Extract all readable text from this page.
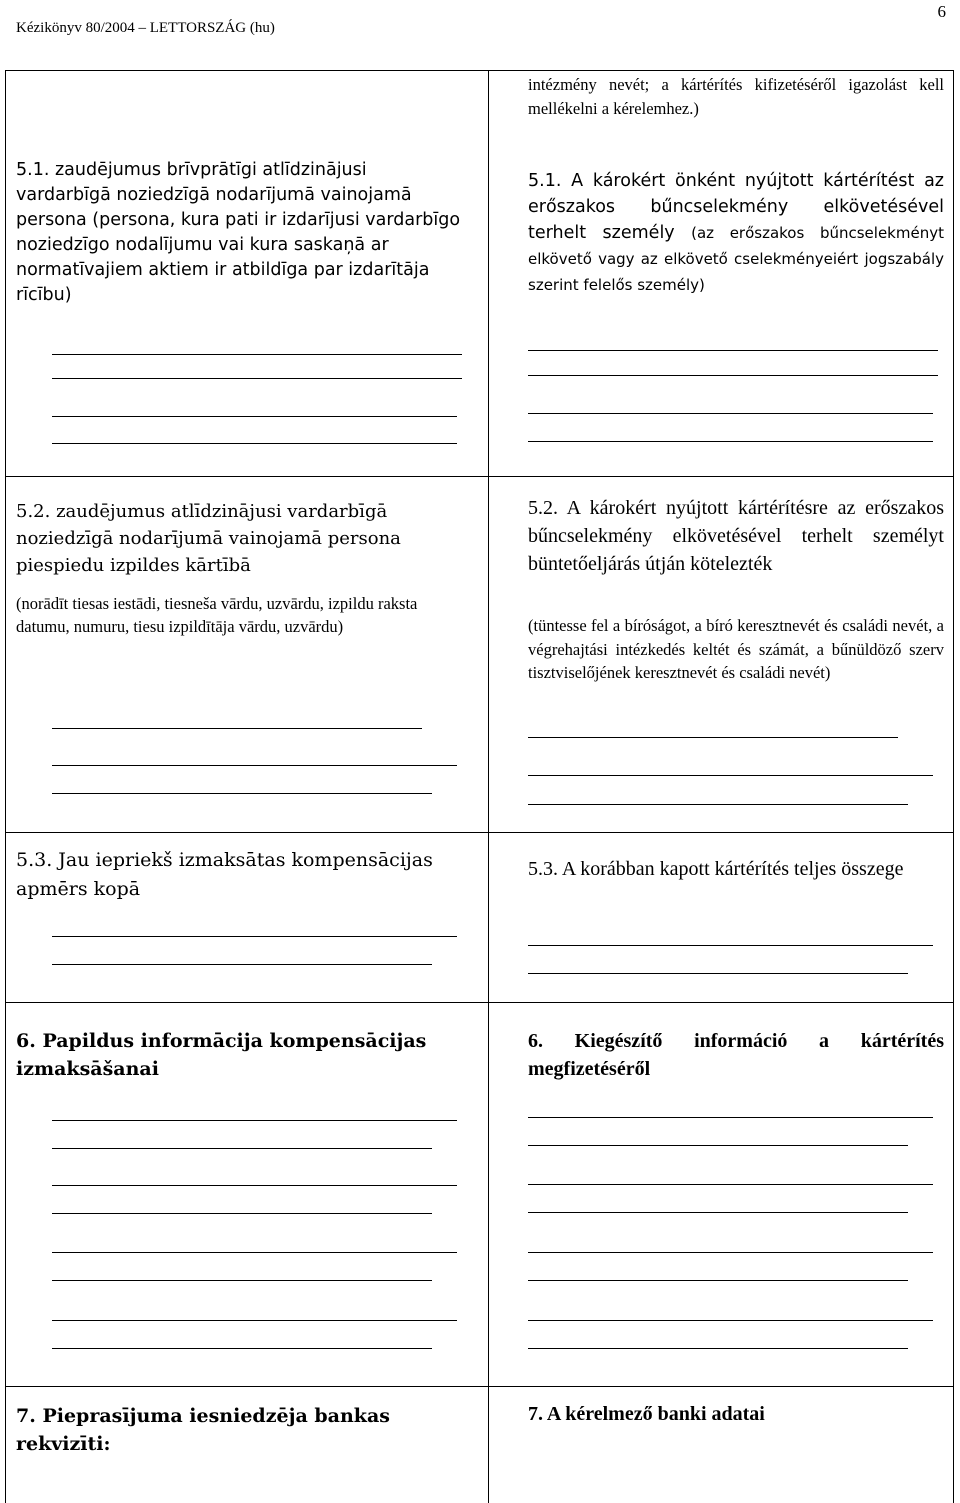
Kézikönyv 80/2004 – LETTORSZÁG (hu)
6

intézmény nevét; a kártérítés kifizetéséről igazolást kell mellékelni a kérelemhez.)

5.1. zaudējumus brīvprātīgi atlīdzinājusi vardarbīgā noziedzīgā nodarījumā vainojamā persona (persona, kura pati ir izdarījusi vardarbīgo noziedzīgo nodalījumu vai kura saskaņā ar normatīvajiem aktiem ir atbildīga par izdarītāja rīcību)

5.1. A károkért önként nyújtott kártérítést az erőszakos bűncselekmény elkövetésével terhelt személy (az erőszakos bűncselekményt elkövető vagy az elkövető cselekményeiért jogszabály szerint felelős személy)

5.2. zaudējumus atlīdzinājusi vardarbīgā noziedzīgā nodarījumā vainojamā persona piespiedu izpildes kārtībā

(norādīt tiesas iestādi, tiesneša vārdu, uzvārdu, izpildu raksta datumu, numuru, tiesu izpildītāja vārdu, uzvārdu)

5.2. A károkért nyújtott kártérítésre az erőszakos bűncselekmény elkövetésével terhelt személyt büntetőeljárás útján kötelezték

(tüntesse fel a bíróságot, a bíró keresztnevét és családi nevét, a végrehajtási intézkedés keltét és számát, a bűnüldöző szerv tisztviselőjének keresztnevét és családi nevét)

5.3. Jau iepriekš izmaksātas kompensācijas apmērs kopā

5.3. A korábban kapott kártérítés teljes összege

6. Papildus informācija kompensācijas izmaksāšanai

6. Kiegészítő információ a kártérítés megfizetéséről

7. Pieprasījuma iesniedzēja bankas rekvizīti:

7. A kérelmező banki adatai
